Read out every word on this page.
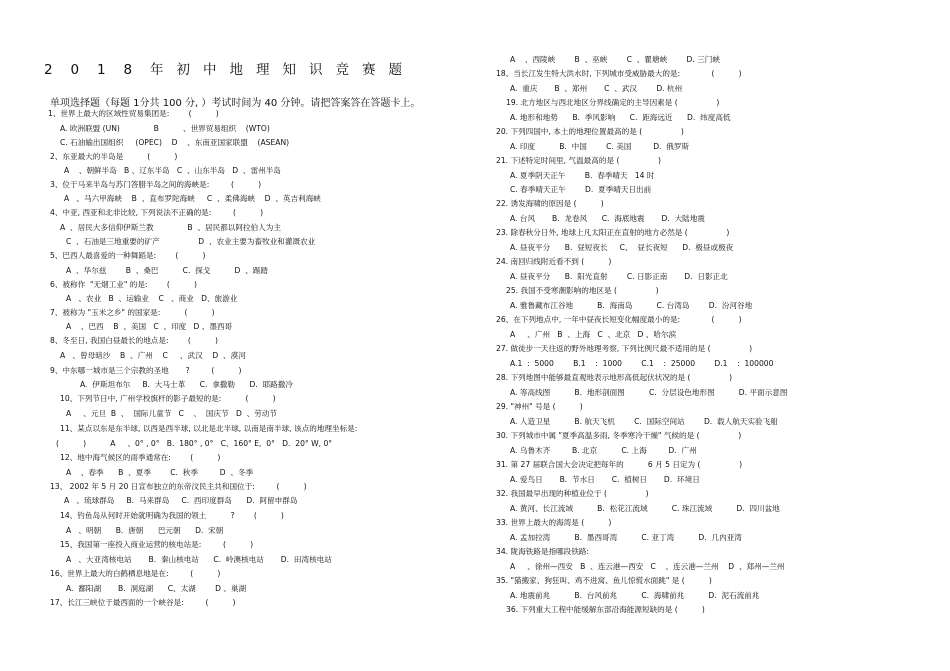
2 0 1 8 年 初 中 地 理 知 识 竞 赛 题
单项选择题（每题 1分共 100 分, ）考试时间为 40 分钟。请把答案答在答题卡上。
1、世界上最大的区域性贸易集团是:        (          )
A. 欧洲联盟 (UN)              B          、世界贸易组织    (WTO)
C. 石油输出国组织     (OPEC)    D    、东南亚国家联盟    (ASEAN)
2、东亚最大的半岛是          (          )
A    、朝鲜半岛   B 、辽东半岛   C  、山东半岛   D  、雷州半岛
3、位于马来半岛与苏门答腊半岛之间的海峡是:         (          )
A   、马六甲海峡    B  、直布罗陀海峡     C  、柔佛海峡    D  、英吉利海峡
4、中亚, 西亚和北非比较, 下列说法不正确的是:         (          )
A  、居民大多信仰伊斯兰教              B  、居民都以阿拉伯人为主
C  、石油是三地重要的矿产                D  、农业主要为畜牧业和灌溉农业
5、巴西人最喜爱的一种舞蹈是:        (          )
A  、华尔兹        B  、桑巴          C.  探戈          D  、踢踏
6、被称作  "无烟工业" 的是:        (          )
A   、农业   B  、运输业    C   、商业   D、旅游业
7、被称为 "玉米之乡" 的国家是:          (          )
A    、巴西    B  、美国   C  、印度   D 、墨西哥
8、冬至日, 我国白昼最长的地点是:        (          )
A   、曾母暗沙    B  、广州    C     、武汉    D  、漠河
9、中东哪一城市是三个宗教的圣地       ?         (          )
A.  伊斯坦布尔     B.  大马士革      C.  拿撒勒      D.  耶路撒冷
10、下列节日中, 广州学校旗杆的影子最短的是:          (          )
A     、元旦  B  、  国际儿童节   C    、  国庆节   D  、劳动节
11、某点以东是东半球, 以西是西半球, 以北是北半球, 以南是南半球, 该点的地理坐标是:
(          )          A     、0° , 0°   B.  180° , 0°   C、160° E,  0°   D.  20° W, 0°
12、地中海气候区的雨季通常在:        (          )
A    、春季      B  、夏季        C.  秋季         D  、冬季
13、 2002 年 5 月 20 日宣布独立的东帝汶民主共和国位于:         (          )
A   、琉球群岛     B.  马来群岛     C.  西印度群岛      D.  阿留申群岛
14、钓鱼岛从何时开始就明确为我国的领土          ?        (          )
A   、明朝      B.  唐朝      巴元朝      D.  宋朝
15、我国第一座投入商业运营的核电站是:         (          )
A   、大亚湾核电站       B.  秦山核电站      C.  岭澳核电站       D.  田湾核电站
16、世界上最大的白鹤栖息地是在:         (          )
A.  鄱阳湖       B.  洞庭湖      C、太湖        D 、巢湖
17、长江三峡位于最西面的一个峡谷是:         (          )
A    、西陵峡        B  、巫峡        C  、瞿塘峡        D. 三门峡
18、当长江发生特大洪水时, 下列城市受威胁最大的是:             (          )
A.  重庆       B  、郑州       C  、武汉        D. 杭州
19. 北方地区与西北地区分界线确定的主导因素是 (                )
A. 地形和地势      B.  季风影响      C.  距海远近      D.  纬度高低
20. 下列四国中, 本土的地理位置最高的是 (                )
A. 印度          B.  中国        C. 美国         D.  俄罗斯
21. 下述特定时间里, 气温最高的是 (                )
A. 夏季阴天正午        B.  春季晴天   14 时
C. 春季晴天正午        D.  夏季晴天日出前
22. 诱发海啸的原因是 (          )
A. 台风       B.  龙卷风      C.  海底地震       D.  大陆地震
23. 除春秋分日外, 地球上凡太阳正在直射的地方必然是 (                )
A. 昼夜平分      B.  昼短夜长     C、  昼长夜短      D.  极昼或极夜
24. 南回归线附近看不到 (          )
A. 昼夜平分      B.  阳光直射        C. 日影正南       D.  日影正北
25. 我国不受寒潮影响的地区是 (                )
A. 雅鲁藏布江谷地          B.  海南岛          C. 台湾岛        D.  汾河谷地
26、在下列地点中, 一年中昼夜长短变化幅度最小的是:             (          )
A     、广州   B  、上海   C  、北京   D 、哈尔滨
27. 做徒步一天往返的野外地理考察, 下列比例尺最不适用的是 (                )
A.1  :  5000        B.1    :  1000        C.1    :  25000        D.1    :  100000
28. 下列地图中能够最直观地表示地形高低起伏状况的是 (                )
A. 等高线图          B.  地形剖面图          C.  分层设色地形图          D. 平面示意图
29. "神州" 号是 (          )
A. 人造卫星          B. 航天飞机        C.  国际空间站        D.  载人航天实验飞船
30. 下列城市中属 "夏季高温多雨, 冬季寒冷干燥" 气候的是 (                )
A. 乌鲁木齐         B. 北京          C. 上海         D.  广州
31. 第 27 届联合国大会决定把每年的          6 月 5 日定为 (                )
A. 爱鸟日       B.  节水日       C.  植树日       D.  环境日
32. 我国最早出现的种植业位于 (                )
A. 黄河、长江流域          B.  松花江流域          C. 珠江流域          D.  四川盆地
33. 世界上最大的海湾是 (          )
A. 孟加拉湾          B.  墨西哥湾          C. 亚丁湾          D.  几内亚湾
34. 陇海铁路是指哪段铁路:
A     、徐州—西安   B  、连云港—西安   C    、连云港—兰州    D  、郑州—兰州
35. "猫搬家、狗狂叫、鸡不进窝、鱼儿惊慌水面跳" 是 (          )
A. 地震前兆          B.  台风前兆          C.  海啸前兆          D.  泥石流前兆
36. 下列重大工程中能缓解东部沿海能源短缺的是 (          )
